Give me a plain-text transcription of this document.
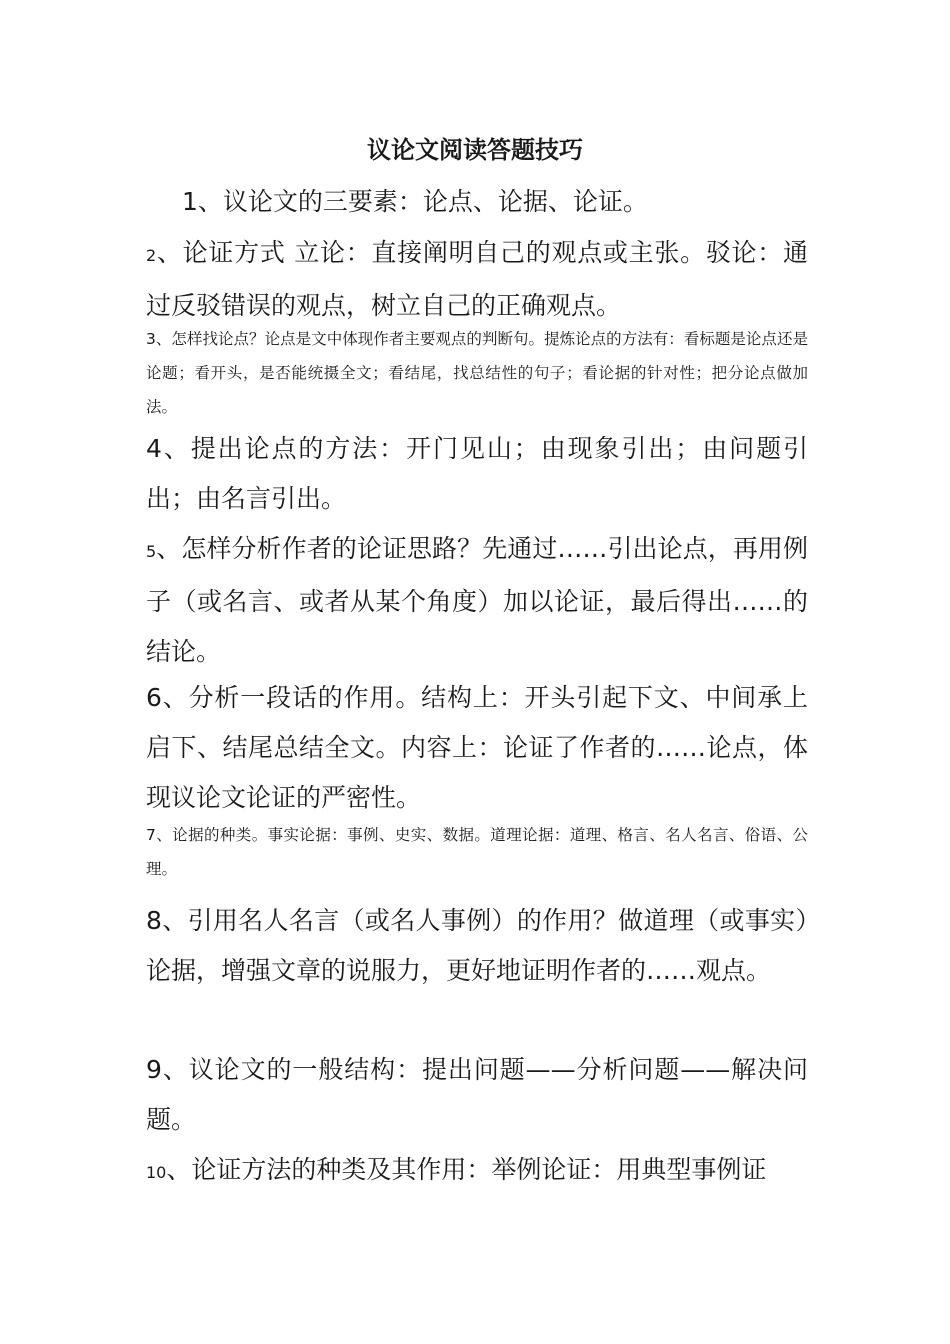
议论文阅读答题技巧

1、议论文的三要素：论点、论据、论证。

2、论证方式 立论：直接阐明自己的观点或主张。驳论：通过反驳错误的观点，树立自己的正确观点。

3、怎样找论点？论点是文中体现作者主要观点的判断句。提炼论点的方法有：看标题是论点还是论题；看开头，是否能统摄全文；看结尾，找总结性的句子；看论据的针对性；把分论点做加法。

4、提出论点的方法：开门见山；由现象引出；由问题引出；由名言引出。

5、怎样分析作者的论证思路？先通过……引出论点，再用例子（或名言、或者从某个角度）加以论证，最后得出……的结论。

6、分析一段话的作用。结构上：开头引起下文、中间承上启下、结尾总结全文。内容上：论证了作者的……论点，体现议论文论证的严密性。

7、论据的种类。事实论据：事例、史实、数据。道理论据：道理、格言、名人名言、俗语、公理。

8、引用名人名言（或名人事例）的作用？做道理（或事实）论据，增强文章的说服力，更好地证明作者的……观点。

9、议论文的一般结构：提出问题——分析问题——解决问题。

10、论证方法的种类及其作用：举例论证：用典型事例证
